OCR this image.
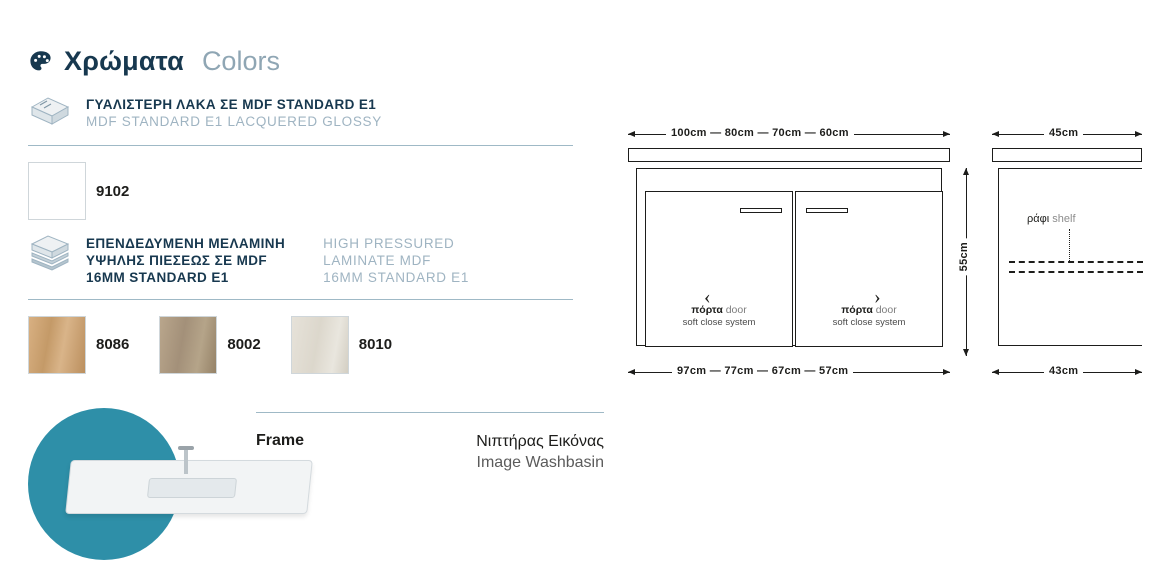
Χρώματα Colors
ΓΥΑΛΙΣΤΕΡΗ ΛΑΚΑ ΣΕ MDF STANDARD E1
MDF STANDARD E1 LACQUERED GLOSSY
9102
ΕΠΕΝΔΕΔΥΜΕΝΗ ΜΕΛΑΜΙΝΗ
ΥΨΗΛΗΣ ΠΙΕΣΕΩΣ ΣΕ MDF
16MM STANDARD E1
HIGH PRESSURED
LAMINATE MDF
16MM STANDARD E1
8086	8002	8010
Frame	Νιπτήρας Εικόνας
Image Washbasin
‹
πόρτα door
soft close system
›
πόρτα door
soft close system
100cm — 80cm — 70cm — 60cm
97cm — 77cm — 67cm — 57cm
55cm
ράφι shelf
45cm
43cm
